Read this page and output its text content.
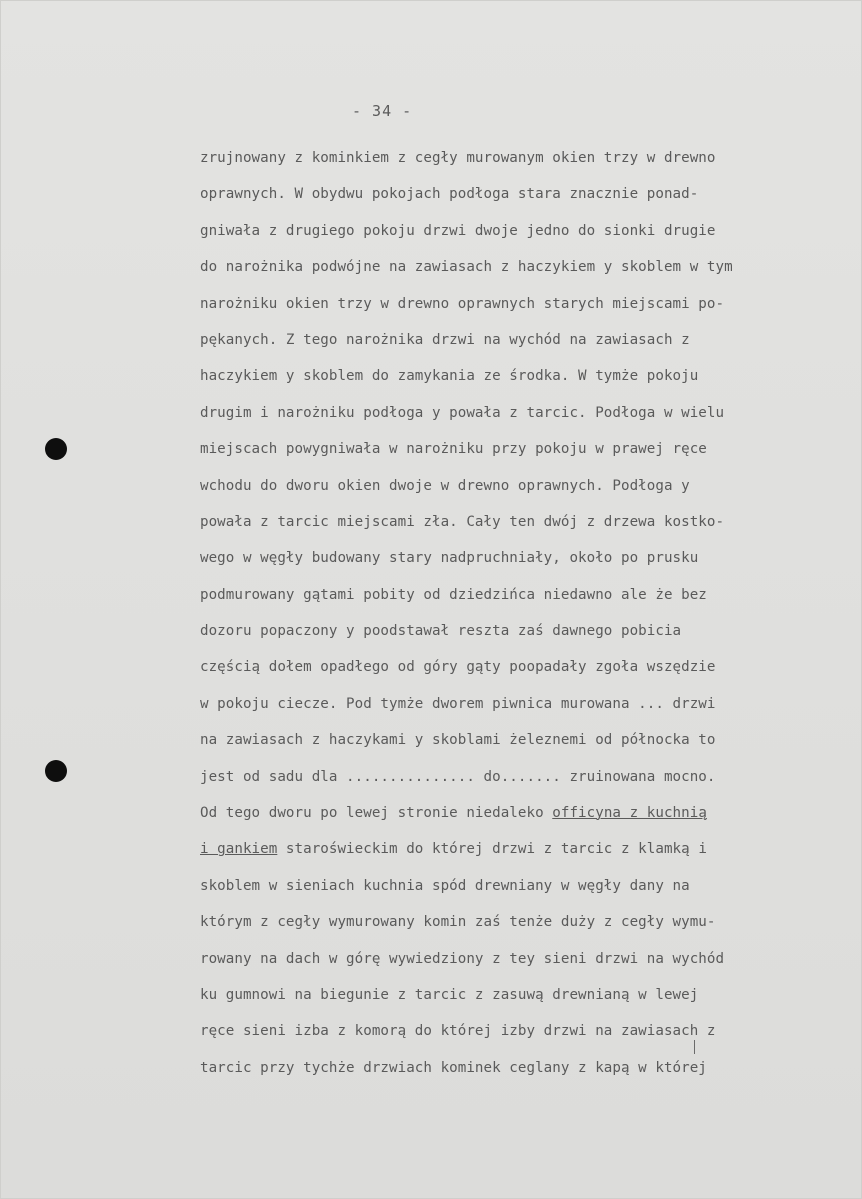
- 34 -
zrujnowany z kominkiem z cegły murowanym okien trzy w drewno
oprawnych. W obydwu pokojach podłoga stara znacznie ponad-
gniwała z drugiego pokoju drzwi dwoje jedno do sionki drugie
do narożnika podwójne na zawiasach z haczykiem y skoblem w tym
narożniku okien trzy w drewno oprawnych starych miejscami po-
pękanych. Z tego narożnika drzwi na wychód na zawiasach z
haczykiem y skoblem do zamykania ze środka. W tymże pokoju
drugim i narożniku podłoga y powała z tarcic. Podłoga w wielu
miejscach powygniwała w narożniku przy pokoju w prawej ręce
wchodu do dworu okien dwoje w drewno oprawnych. Podłoga y
powała z tarcic miejscami zła. Cały ten dwój z drzewa kostko-
wego w węgły budowany stary nadpruchniały, około po prusku
podmurowany gątami pobity od dziedzińca niedawno ale że bez
dozoru popaczony y poodstawał reszta zaś dawnego pobicia
częścią dołem opadłego od góry gąty poopadały zgoła wszędzie
w pokoju ciecze. Pod tymże dworem piwnica murowana ... drzwi
na zawiasach z haczykami y skoblami żeleznemi od północka to
jest od sadu dla ............... do....... zruinowana mocno.
Od tego dworu po lewej stronie niedaleko officyna z kuchnią
i gankiem staroświeckim do której drzwi z tarcic z klamką i
skoblem w sieniach kuchnia spód drewniany w węgły dany na
którym z cegły wymurowany komin zaś tenże duży z cegły wymu-
rowany na dach w górę wywiedziony z tey sieni drzwi na wychód
ku gumnowi na biegunie z tarcic z zasuwą drewnianą w lewej
ręce sieni izba z komorą do której izby drzwi na zawiasach z
tarcic przy tychże drzwiach kominek ceglany z kapą w której
